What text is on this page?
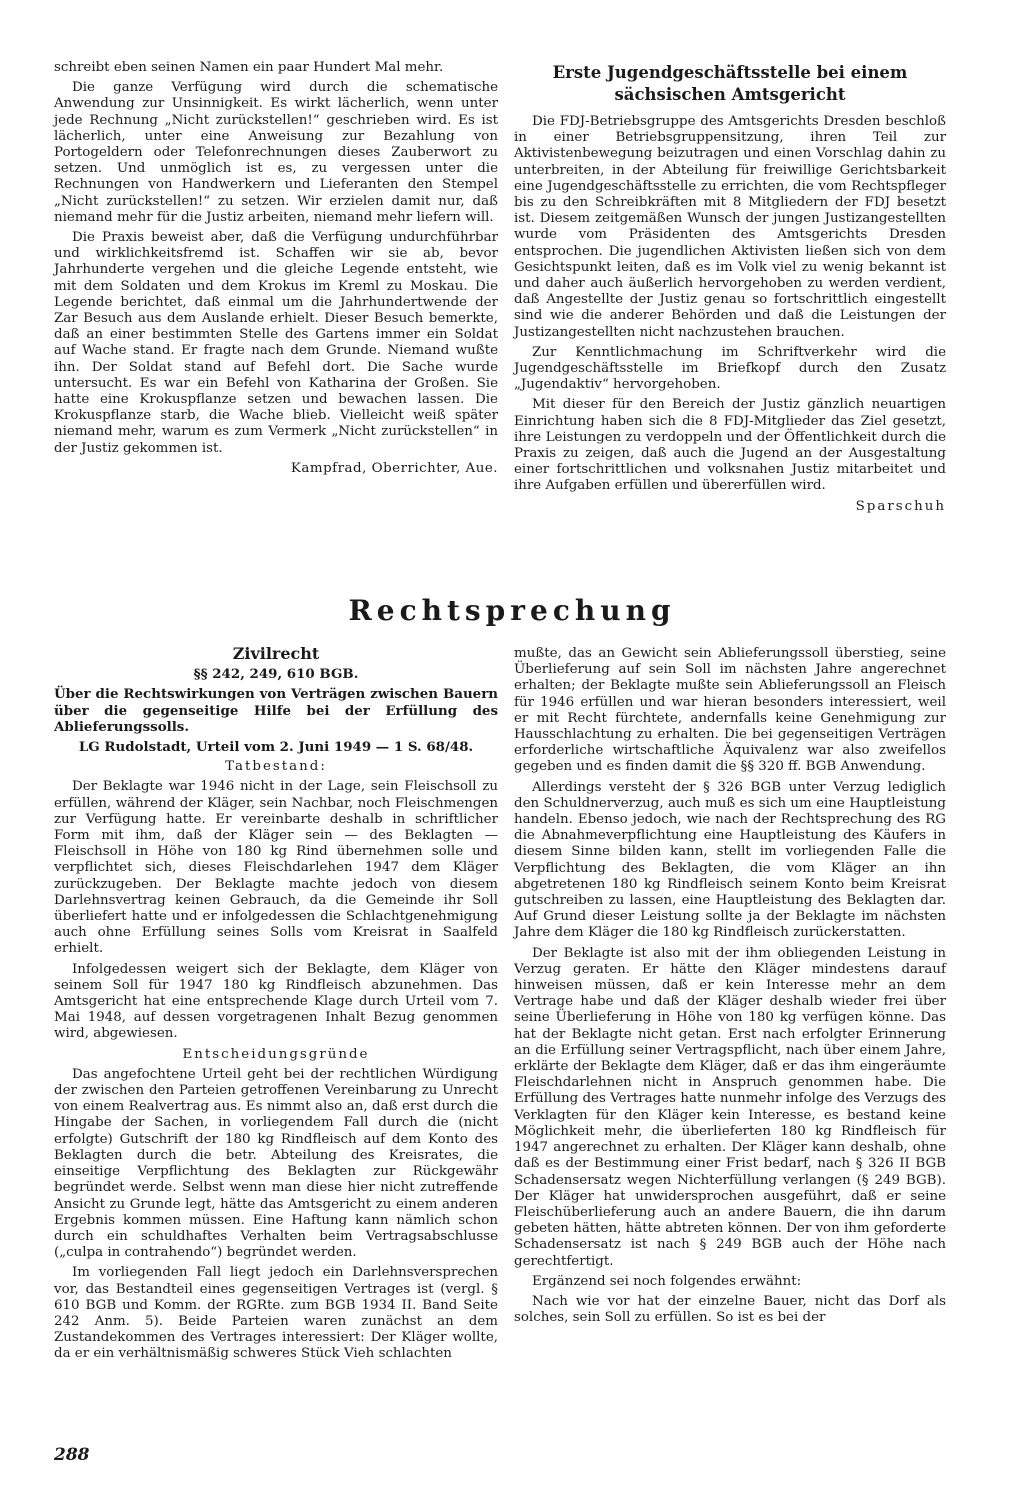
schreibt eben seinen Namen ein paar Hundert Mal mehr.

Die ganze Verfügung wird durch die schematische Anwendung zur Unsinnigkeit. Es wirkt lächerlich, wenn unter jede Rechnung „Nicht zurückstellen!“ geschrieben wird. Es ist lächerlich, unter eine Anweisung zur Bezahlung von Portogeldern oder Telefonrechnungen dieses Zauberwort zu setzen. Und unmöglich ist es, zu vergessen unter die Rechnungen von Handwerkern und Lieferanten den Stempel „Nicht zurückstellen!“ zu setzen. Wir erzielen damit nur, daß niemand mehr für die Justiz arbeiten, niemand mehr liefern will.

Die Praxis beweist aber, daß die Verfügung undurchführbar und wirklichkeitsfremd ist. Schaffen wir sie ab, bevor Jahrhunderte vergehen und die gleiche Legende entsteht, wie mit dem Soldaten und dem Krokus im Kreml zu Moskau. Die Legende berichtet, daß einmal um die Jahrhundertwende der Zar Besuch aus dem Auslande erhielt. Dieser Besuch bemerkte, daß an einer bestimmten Stelle des Gartens immer ein Soldat auf Wache stand. Er fragte nach dem Grunde. Niemand wußte ihn. Der Soldat stand auf Befehl dort. Die Sache wurde untersucht. Es war ein Befehl von Katharina der Großen. Sie hatte eine Krokuspflanze setzen und bewachen lassen. Die Krokuspflanze starb, die Wache blieb. Vielleicht weiß später niemand mehr, warum es zum Vermerk „Nicht zurückstellen“ in der Justiz gekommen ist.

Kampfrad, Oberrichter, Aue.

Erste Jugendgeschäftsstelle bei einem sächsischen Amtsgericht

Die FDJ-Betriebsgruppe des Amtsgerichts Dresden beschloß in einer Betriebsgruppensitzung, ihren Teil zur Aktivistenbewegung beizutragen und einen Vorschlag dahin zu unterbreiten, in der Abteilung für freiwillige Gerichtsbarkeit eine Jugendgeschäftsstelle zu errichten, die vom Rechtspfleger bis zu den Schreibkräften mit 8 Mitgliedern der FDJ besetzt ist. Diesem zeitgemäßen Wunsch der jungen Justizangestellten wurde vom Präsidenten des Amtsgerichts Dresden entsprochen. Die jugendlichen Aktivisten ließen sich von dem Gesichtspunkt leiten, daß es im Volk viel zu wenig bekannt ist und daher auch äußerlich hervorgehoben zu werden verdient, daß Angestellte der Justiz genau so fortschrittlich eingestellt sind wie die anderer Behörden und daß die Leistungen der Justizangestellten nicht nachzustehen brauchen.

Zur Kenntlichmachung im Schriftverkehr wird die Jugendgeschäftsstelle im Briefkopf durch den Zusatz „Jugendaktiv“ hervorgehoben.

Mit dieser für den Bereich der Justiz gänzlich neuartigen Einrichtung haben sich die 8 FDJ-Mitglieder das Ziel gesetzt, ihre Leistungen zu verdoppeln und der Öffentlichkeit durch die Praxis zu zeigen, daß auch die Jugend an der Ausgestaltung einer fortschrittlichen und volksnahen Justiz mitarbeitet und ihre Aufgaben erfüllen und übererfüllen wird.

Sparschuh

Rechtsprechung
Zivilrecht

§§ 242, 249, 610 BGB.

Über die Rechtswirkungen von Verträgen zwischen Bauern über die gegenseitige Hilfe bei der Erfüllung des Ablieferungssolls.

LG Rudolstadt, Urteil vom 2. Juni 1949 — 1 S. 68/48.

Tatbestand:

Der Beklagte war 1946 nicht in der Lage, sein Fleischsoll zu erfüllen, während der Kläger, sein Nachbar, noch Fleischmengen zur Verfügung hatte. Er vereinbarte deshalb in schriftlicher Form mit ihm, daß der Kläger sein — des Beklagten — Fleischsoll in Höhe von 180 kg Rind übernehmen solle und verpflichtet sich, dieses Fleischdarlehen 1947 dem Kläger zurückzugeben. Der Beklagte machte jedoch von diesem Darlehnsvertrag keinen Gebrauch, da die Gemeinde ihr Soll überliefert hatte und er infolgedessen die Schlachtgenehmigung auch ohne Erfüllung seines Solls vom Kreisrat in Saalfeld erhielt.

Infolgedessen weigert sich der Beklagte, dem Kläger von seinem Soll für 1947 180 kg Rindfleisch abzunehmen. Das Amtsgericht hat eine entsprechende Klage durch Urteil vom 7. Mai 1948, auf dessen vorgetragenen Inhalt Bezug genommen wird, abgewiesen.

Entscheidungsgründe

Das angefochtene Urteil geht bei der rechtlichen Würdigung der zwischen den Parteien getroffenen Vereinbarung zu Unrecht von einem Realvertrag aus. Es nimmt also an, daß erst durch die Hingabe der Sachen, in vorliegendem Fall durch die (nicht erfolgte) Gutschrift der 180 kg Rindfleisch auf dem Konto des Beklagten durch die betr. Abteilung des Kreisrates, die einseitige Verpflichtung des Beklagten zur Rückgewähr begründet werde. Selbst wenn man diese hier nicht zutreffende Ansicht zu Grunde legt, hätte das Amtsgericht zu einem anderen Ergebnis kommen müssen. Eine Haftung kann nämlich schon durch ein schuldhaftes Verhalten beim Vertragsabschlusse („culpa in contrahendo“) begründet werden.

Im vorliegenden Fall liegt jedoch ein Darlehnsversprechen vor, das Bestandteil eines gegenseitigen Vertrages ist (vergl. § 610 BGB und Komm. der RGRte. zum BGB 1934 II. Band Seite 242 Anm. 5). Beide Parteien waren zunächst an dem Zustandekommen des Vertrages interessiert: Der Kläger wollte, da er ein verhältnismäßig schweres Stück Vieh schlachten

mußte, das an Gewicht sein Ablieferungssoll überstieg, seine Überlieferung auf sein Soll im nächsten Jahre angerechnet erhalten; der Beklagte mußte sein Ablieferungssoll an Fleisch für 1946 erfüllen und war hieran besonders interessiert, weil er mit Recht fürchtete, andernfalls keine Genehmigung zur Hausschlachtung zu erhalten. Die bei gegenseitigen Verträgen erforderliche wirtschaftliche Äquivalenz war also zweifellos gegeben und es finden damit die §§ 320 ff. BGB Anwendung.

Allerdings versteht der § 326 BGB unter Verzug lediglich den Schuldnerverzug, auch muß es sich um eine Hauptleistung handeln. Ebenso jedoch, wie nach der Rechtsprechung des RG die Abnahmeverpflichtung eine Hauptleistung des Käufers in diesem Sinne bilden kann, stellt im vorliegenden Falle die Verpflichtung des Beklagten, die vom Kläger an ihn abgetretenen 180 kg Rindfleisch seinem Konto beim Kreisrat gutschreiben zu lassen, eine Hauptleistung des Beklagten dar. Auf Grund dieser Leistung sollte ja der Beklagte im nächsten Jahre dem Kläger die 180 kg Rindfleisch zurückerstatten.

Der Beklagte ist also mit der ihm obliegenden Leistung in Verzug geraten. Er hätte den Kläger mindestens darauf hinweisen müssen, daß er kein Interesse mehr an dem Vertrage habe und daß der Kläger deshalb wieder frei über seine Überlieferung in Höhe von 180 kg verfügen könne. Das hat der Beklagte nicht getan. Erst nach erfolgter Erinnerung an die Erfüllung seiner Vertragspflicht, nach über einem Jahre, erklärte der Beklagte dem Kläger, daß er das ihm eingeräumte Fleischdarlehnen nicht in Anspruch genommen habe. Die Erfüllung des Vertrages hatte nunmehr infolge des Verzugs des Verklagten für den Kläger kein Interesse, es bestand keine Möglichkeit mehr, die überlieferten 180 kg Rindfleisch für 1947 angerechnet zu erhalten. Der Kläger kann deshalb, ohne daß es der Bestimmung einer Frist bedarf, nach § 326 II BGB Schadensersatz wegen Nichterfüllung verlangen (§ 249 BGB). Der Kläger hat unwidersprochen ausgeführt, daß er seine Fleischüberlieferung auch an andere Bauern, die ihn darum gebeten hätten, hätte abtreten können. Der von ihm geforderte Schadensersatz ist nach § 249 BGB auch der Höhe nach gerechtfertigt.

Ergänzend sei noch folgendes erwähnt:

Nach wie vor hat der einzelne Bauer, nicht das Dorf als solches, sein Soll zu erfüllen. So ist es bei der

288
